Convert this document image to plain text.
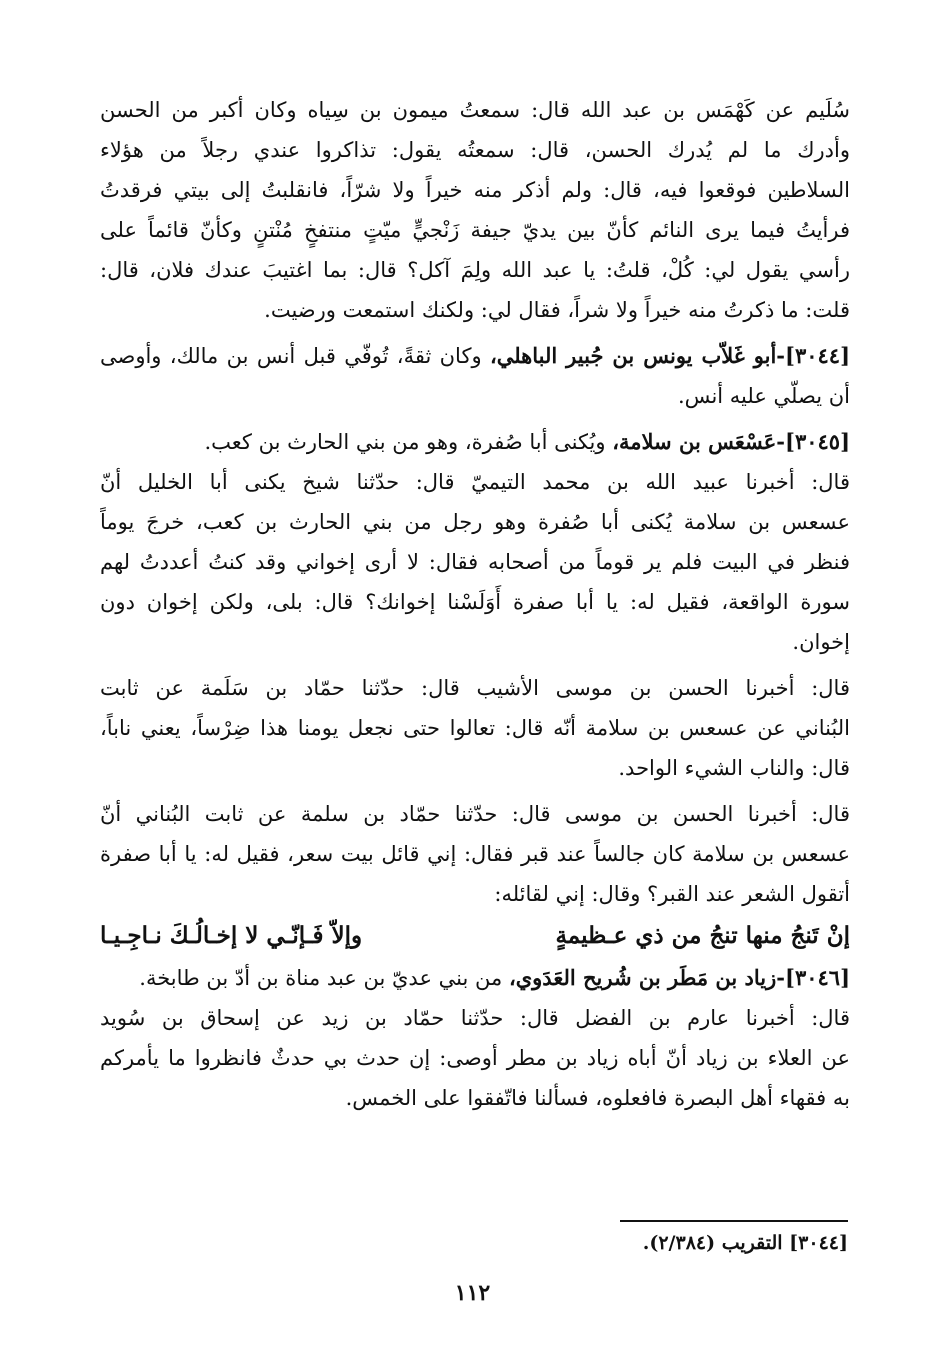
سُلَيم عن كَهْمَس بن عبد الله قال: سمعتُ ميمون بن سِياه وكان أكبر من الحسن
وأدرك ما لم يُدرك الحسن، قال: سمعتُه يقول: تذاكروا عندي رجلاً من هؤلاء
السلاطين فوقعوا فيه، قال: ولم أذكر منه خيراً ولا شرّاً، فانقلبتُ إلى بيتي فرقدتُ
فرأيتُ فيما يرى النائم كأنّ بين يديّ جيفة زَنْجيٍّ ميّتٍ منتفخٍ مُنْتنٍ وكأنّ قائماً على
رأسي يقول لي: كُلْ، قلتُ: يا عبد الله ولِمَ آكل؟ قال: بما اغتيبَ عندك فلان، قال:
قلت: ما ذكرتُ منه خيراً ولا شراً، فقال لي: ولكنك استمعت ورضيت.
[٣٠٤٤]-أبو غَلاّب يونس بن جُبير الباهلي، وكان ثقةً، تُوفّي قبل أنس بن مالك، وأوصى
أن يصلّي عليه أنس.
[٣٠٤٥]-عَسْعَس بن سلامة، ويُكنى أبا صُفرة، وهو من بني الحارث بن كعب.
قال: أخبرنا عبيد الله بن محمد التيميّ قال: حدّثنا شيخ يكنى أبا الخليل أنّ
عسعس بن سلامة يُكنى أبا صُفرة وهو رجل من بني الحارث بن كعب، خرجَ يوماً
فنظر في البيت فلم ير قوماً من أصحابه فقال: لا أرى إخواني وقد كنتُ أعددتُ لهم
سورة الواقعة، فقيل له: يا أبا صفرة أَوَلَسْنا إخوانك؟ قال: بلى، ولكن إخوان دون
إخوان.
قال: أخبرنا الحسن بن موسى الأشيب قال: حدّثنا حمّاد بن سَلَمة عن ثابت
البُناني عن عسعس بن سلامة أنّه قال: تعالوا حتى نجعل يومنا هذا ضِرْساً، يعني ناباً،
قال: والناب الشيء الواحد.
قال: أخبرنا الحسن بن موسى قال: حدّثنا حمّاد بن سلمة عن ثابت البُناني أنّ
عسعس بن سلامة كان جالساً عند قبر فقال: إني قائل بيت سعر، فقيل له: يا أبا صفرة
أتقول الشعر عند القبر؟ وقال: إني لقائله:
إنْ تَنجُ منها تنجُ من ذي عـظيمةٍ
وإلاّ فَـإنّـي لا إخـالُـكَ نـاجِـيـا
[٣٠٤٦]-زياد بن مَطَر بن شُريح العَدَوي، من بني عديّ بن عبد مناة بن أدّ بن طابخة.
قال: أخبرنا عارم بن الفضل قال: حدّثنا حمّاد بن زيد عن إسحاق بن سُويد
عن العلاء بن زياد أنّ أباه زياد بن مطر أوصى: إن حدث بي حدثٌ فانظروا ما يأمركم
به فقهاء أهل البصرة فافعلوه، فسألنا فاتّفقوا على الخمس.
[٣٠٤٤] التقريب (٢/٣٨٤).
١١٢
